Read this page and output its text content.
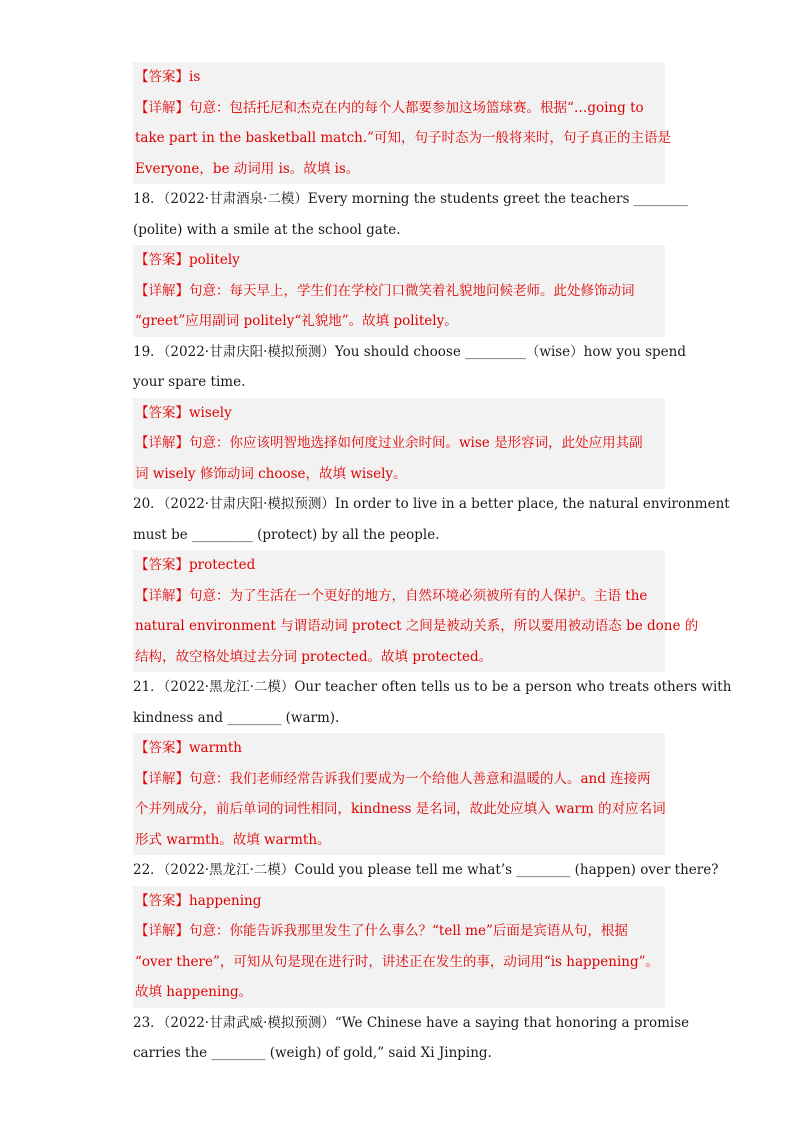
【答案】is
【详解】句意：包括托尼和杰克在内的每个人都要参加这场篮球赛。根据“…going to
take part in the basketball match.”可知，句子时态为一般将来时，句子真正的主语是
Everyone，be 动词用 is。故填 is。
18．（2022·甘肃酒泉·二模）Every morning the students greet the teachers ________
(polite) with a smile at the school gate.
【答案】politely
【详解】句意：每天早上，学生们在学校门口微笑着礼貌地问候老师。此处修饰动词
“greet”应用副词 politely“礼貌地”。故填 politely。
19．（2022·甘肃庆阳·模拟预测）You should choose _________（wise）how you spend
your spare time.
【答案】wisely
【详解】句意：你应该明智地选择如何度过业余时间。wise 是形容词，此处应用其副
词 wisely 修饰动词 choose，故填 wisely。
20．（2022·甘肃庆阳·模拟预测）In order to live in a better place, the natural environment
must be _________ (protect) by all the people.
【答案】protected
【详解】句意：为了生活在一个更好的地方，自然环境必须被所有的人保护。主语 the
natural environment 与谓语动词 protect 之间是被动关系，所以要用被动语态 be done 的
结构，故空格处填过去分词 protected。故填 protected。
21．（2022·黑龙江·二模）Our teacher often tells us to be a person who treats others with
kindness and ________ (warm).
【答案】warmth
【详解】句意：我们老师经常告诉我们要成为一个给他人善意和温暖的人。and 连接两
个并列成分，前后单词的词性相同，kindness 是名词，故此处应填入 warm 的对应名词
形式 warmth。故填 warmth。
22．（2022·黑龙江·二模）Could you please tell me what’s ________ (happen) over there?
【答案】happening
【详解】句意：你能告诉我那里发生了什么事么？“tell me”后面是宾语从句，根据
“over there”，可知从句是现在进行时，讲述正在发生的事，动词用“is happening”。
故填 happening。
23．（2022·甘肃武威·模拟预测）“We Chinese have a saying that honoring a promise
carries the ________ (weigh) of gold,” said Xi Jinping.
